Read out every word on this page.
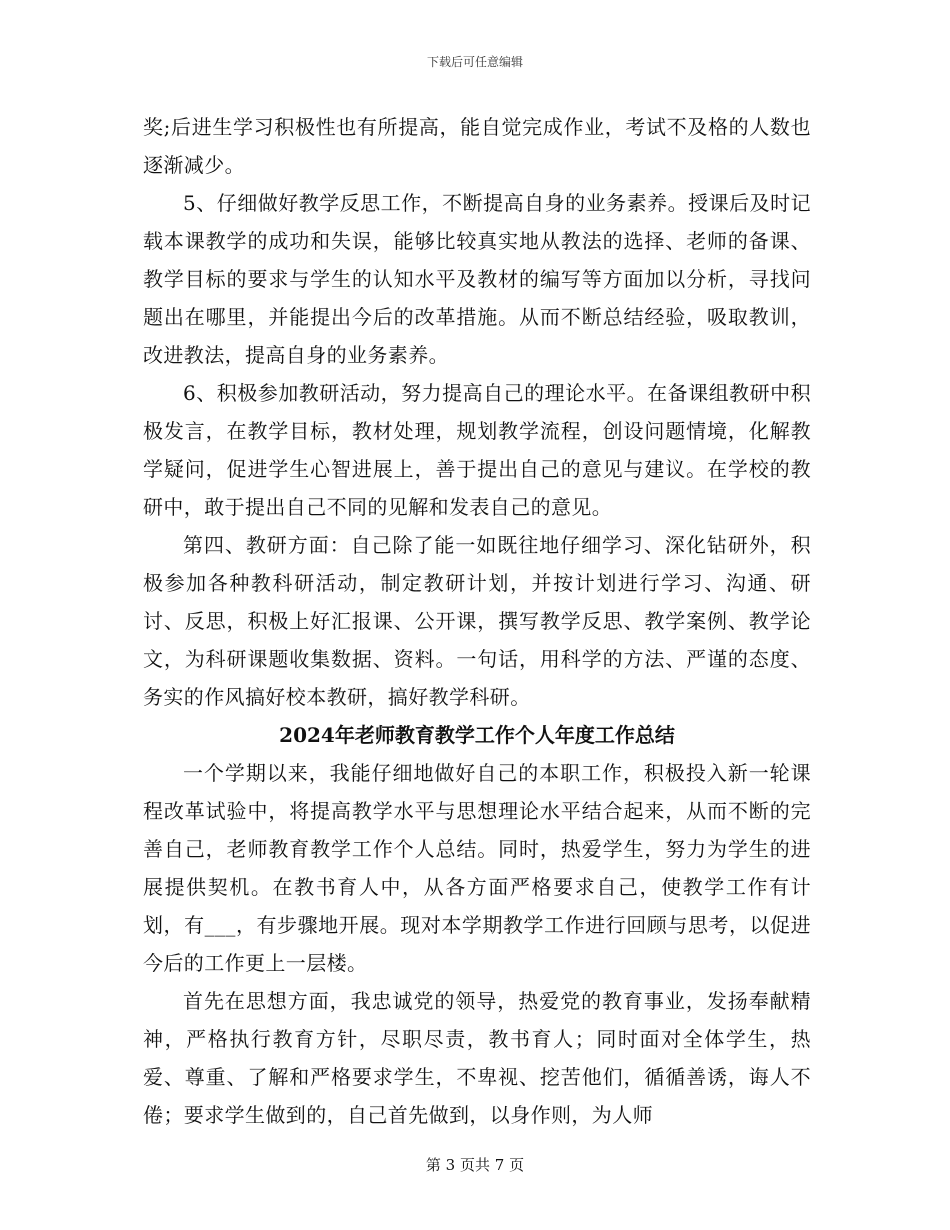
下载后可任意编辑

奖;后进生学习积极性也有所提高，能自觉完成作业，考试不及格的人数也逐渐减少。

5、仔细做好教学反思工作，不断提高自身的业务素养。授课后及时记载本课教学的成功和失误，能够比较真实地从教法的选择、老师的备课、教学目标的要求与学生的认知水平及教材的编写等方面加以分析，寻找问题出在哪里，并能提出今后的改革措施。从而不断总结经验，吸取教训，改进教法，提高自身的业务素养。

6、积极参加教研活动，努力提高自己的理论水平。在备课组教研中积极发言，在教学目标，教材处理，规划教学流程，创设问题情境，化解教学疑问，促进学生心智进展上，善于提出自己的意见与建议。在学校的教研中，敢于提出自己不同的见解和发表自己的意见。

第四、教研方面：自己除了能一如既往地仔细学习、深化钻研外，积极参加各种教科研活动，制定教研计划，并按计划进行学习、沟通、研讨、反思，积极上好汇报课、公开课，撰写教学反思、教学案例、教学论文，为科研课题收集数据、资料。一句话，用科学的方法、严谨的态度、务实的作风搞好校本教研，搞好教学科研。

2024年老师教育教学工作个人年度工作总结

一个学期以来，我能仔细地做好自己的本职工作，积极投入新一轮课程改革试验中，将提高教学水平与思想理论水平结合起来，从而不断的完善自己，老师教育教学工作个人总结。同时，热爱学生，努力为学生的进展提供契机。在教书育人中，从各方面严格要求自己，使教学工作有计划，有___，有步骤地开展。现对本学期教学工作进行回顾与思考，以促进今后的工作更上一层楼。

首先在思想方面，我忠诚党的领导，热爱党的教育事业，发扬奉献精神，严格执行教育方针，尽职尽责，教书育人；同时面对全体学生，热爱、尊重、了解和严格要求学生，不卑视、挖苦他们，循循善诱，诲人不倦；要求学生做到的，自己首先做到，以身作则，为人师

第 3 页共 7 页
